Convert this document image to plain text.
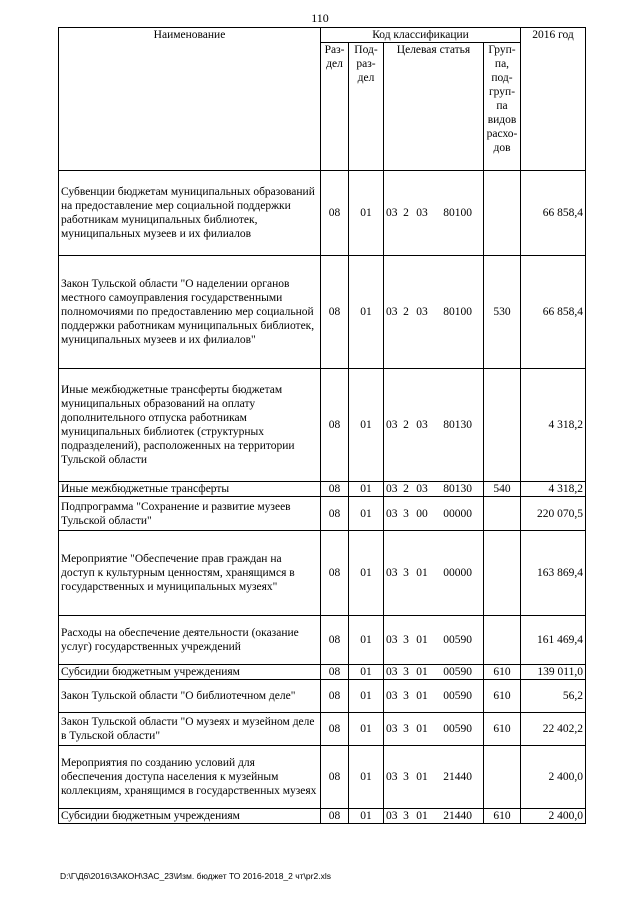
110
Наименование	Код классификации				2016 год
	Раз-дел	Под-раз-дел	Целевая статья	Груп-па, под-груп-па видов расхо-дов	
Субвенции бюджетам муниципальных образований на предоставление мер социальной поддержки работникам муниципальных библиотек, муниципальных музеев и их филиалов	08	01	03 2 03 80100		66 858,4
Закон Тульской области "О наделении органов местного самоуправления государственными полномочиями по предоставлению мер социальной поддержки работникам муниципальных библиотек, муниципальных музеев и их филиалов"	08	01	03 2 03 80100	530	66 858,4
Иные межбюджетные трансферты бюджетам муниципальных образований на оплату дополнительного отпуска работникам муниципальных библиотек (структурных подразделений), расположенных на территории Тульской области	08	01	03 2 03 80130		4 318,2
Иные межбюджетные трансферты	08	01	03 2 03 80130	540	4 318,2
Подпрограмма "Сохранение и развитие музеев Тульской области"	08	01	03 3 00 00000		220 070,5
Мероприятие "Обеспечение прав граждан на доступ к культурным ценностям, хранящимся в государственных и муниципальных музеях"	08	01	03 3 01 00000		163 869,4
Расходы на обеспечение деятельности (оказание услуг) государственных учреждений	08	01	03 3 01 00590		161 469,4
Субсидии бюджетным учреждениям	08	01	03 3 01 00590	610	139 011,0
Закон Тульской области "О библиотечном деле"	08	01	03 3 01 00590	610	56,2
Закон Тульской области "О музеях и музейном деле в Тульской области"	08	01	03 3 01 00590	610	22 402,2
Мероприятия по созданию условий для обеспечения доступа населения к музейным коллекциям, хранящимся в государственных музеях	08	01	03 3 01 21440		2 400,0
Субсидии бюджетным учреждениям	08	01	03 3 01 21440	610	2 400,0
D:\Г\Д6\2016\ЗАКОН\ЗАС_23\Изм. бюджет ТО 2016-2018_2 чт\pr2.xls
